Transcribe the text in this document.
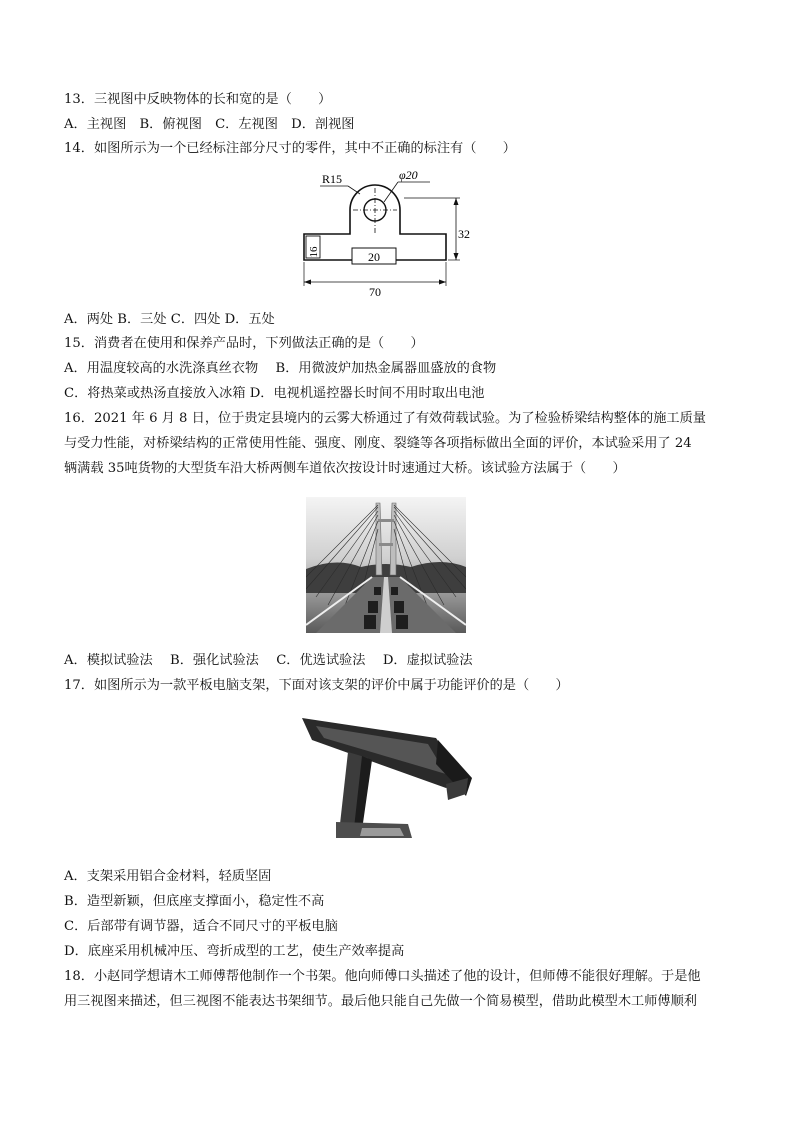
13．三视图中反映物体的长和宽的是（　　）
A．主视图　B．俯视图　C．左视图　D．剖视图
14．如图所示为一个已经标注部分尺寸的零件，其中不正确的标注有（　　）
R15	φ20
16	20
32
70
A．两处 B．三处 C．四处 D．五处
15．消费者在使用和保养产品时，下列做法正确的是（　　）
A．用温度较高的水洗涤真丝衣物　 B．用微波炉加热金属器皿盛放的食物
C．将热菜或热汤直接放入冰箱 D．电视机遥控器长时间不用时取出电池
16．2021 年 6 月 8 日，位于贵定县境内的云雾大桥通过了有效荷载试验。为了检验桥梁结构整体的施工质量
与受力性能，对桥梁结构的正常使用性能、强度、刚度、裂缝等各项指标做出全面的评价，本试验采用了 24
辆满载 35吨货物的大型货车沿大桥两侧车道依次按设计时速通过大桥。该试验方法属于（　　）
A．模拟试验法　 B．强化试验法　 C．优选试验法　 D．虚拟试验法
17．如图所示为一款平板电脑支架，下面对该支架的评价中属于功能评价的是（　　）
A．支架采用铝合金材料，轻质坚固
B．造型新颖，但底座支撑面小，稳定性不高
C．后部带有调节器，适合不同尺寸的平板电脑
D．底座采用机械冲压、弯折成型的工艺，使生产效率提高
18．小赵同学想请木工师傅帮他制作一个书架。他向师傅口头描述了他的设计，但师傅不能很好理解。于是他
用三视图来描述，但三视图不能表达书架细节。最后他只能自己先做一个简易模型，借助此模型木工师傅顺利
